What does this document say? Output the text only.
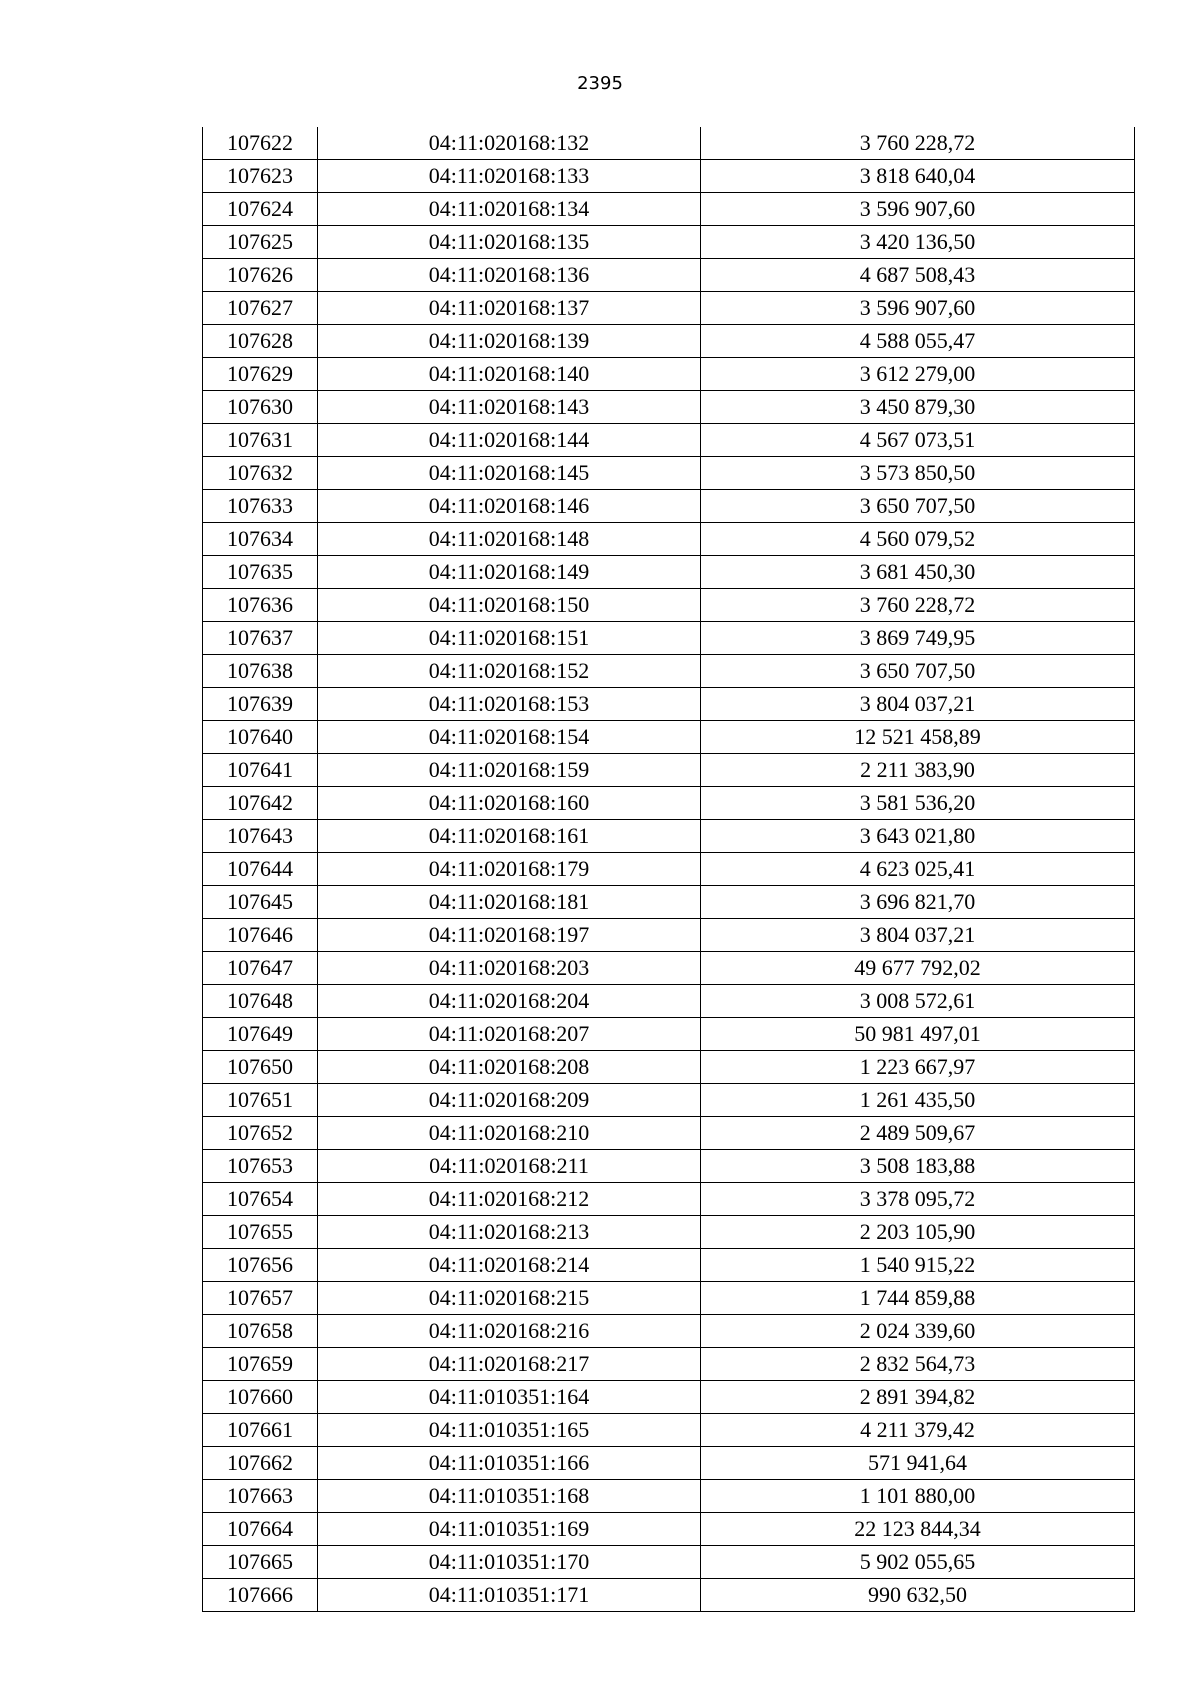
2395
107622	04:11:020168:132	3 760 228,72
107623	04:11:020168:133	3 818 640,04
107624	04:11:020168:134	3 596 907,60
107625	04:11:020168:135	3 420 136,50
107626	04:11:020168:136	4 687 508,43
107627	04:11:020168:137	3 596 907,60
107628	04:11:020168:139	4 588 055,47
107629	04:11:020168:140	3 612 279,00
107630	04:11:020168:143	3 450 879,30
107631	04:11:020168:144	4 567 073,51
107632	04:11:020168:145	3 573 850,50
107633	04:11:020168:146	3 650 707,50
107634	04:11:020168:148	4 560 079,52
107635	04:11:020168:149	3 681 450,30
107636	04:11:020168:150	3 760 228,72
107637	04:11:020168:151	3 869 749,95
107638	04:11:020168:152	3 650 707,50
107639	04:11:020168:153	3 804 037,21
107640	04:11:020168:154	12 521 458,89
107641	04:11:020168:159	2 211 383,90
107642	04:11:020168:160	3 581 536,20
107643	04:11:020168:161	3 643 021,80
107644	04:11:020168:179	4 623 025,41
107645	04:11:020168:181	3 696 821,70
107646	04:11:020168:197	3 804 037,21
107647	04:11:020168:203	49 677 792,02
107648	04:11:020168:204	3 008 572,61
107649	04:11:020168:207	50 981 497,01
107650	04:11:020168:208	1 223 667,97
107651	04:11:020168:209	1 261 435,50
107652	04:11:020168:210	2 489 509,67
107653	04:11:020168:211	3 508 183,88
107654	04:11:020168:212	3 378 095,72
107655	04:11:020168:213	2 203 105,90
107656	04:11:020168:214	1 540 915,22
107657	04:11:020168:215	1 744 859,88
107658	04:11:020168:216	2 024 339,60
107659	04:11:020168:217	2 832 564,73
107660	04:11:010351:164	2 891 394,82
107661	04:11:010351:165	4 211 379,42
107662	04:11:010351:166	571 941,64
107663	04:11:010351:168	1 101 880,00
107664	04:11:010351:169	22 123 844,34
107665	04:11:010351:170	5 902 055,65
107666	04:11:010351:171	990 632,50
